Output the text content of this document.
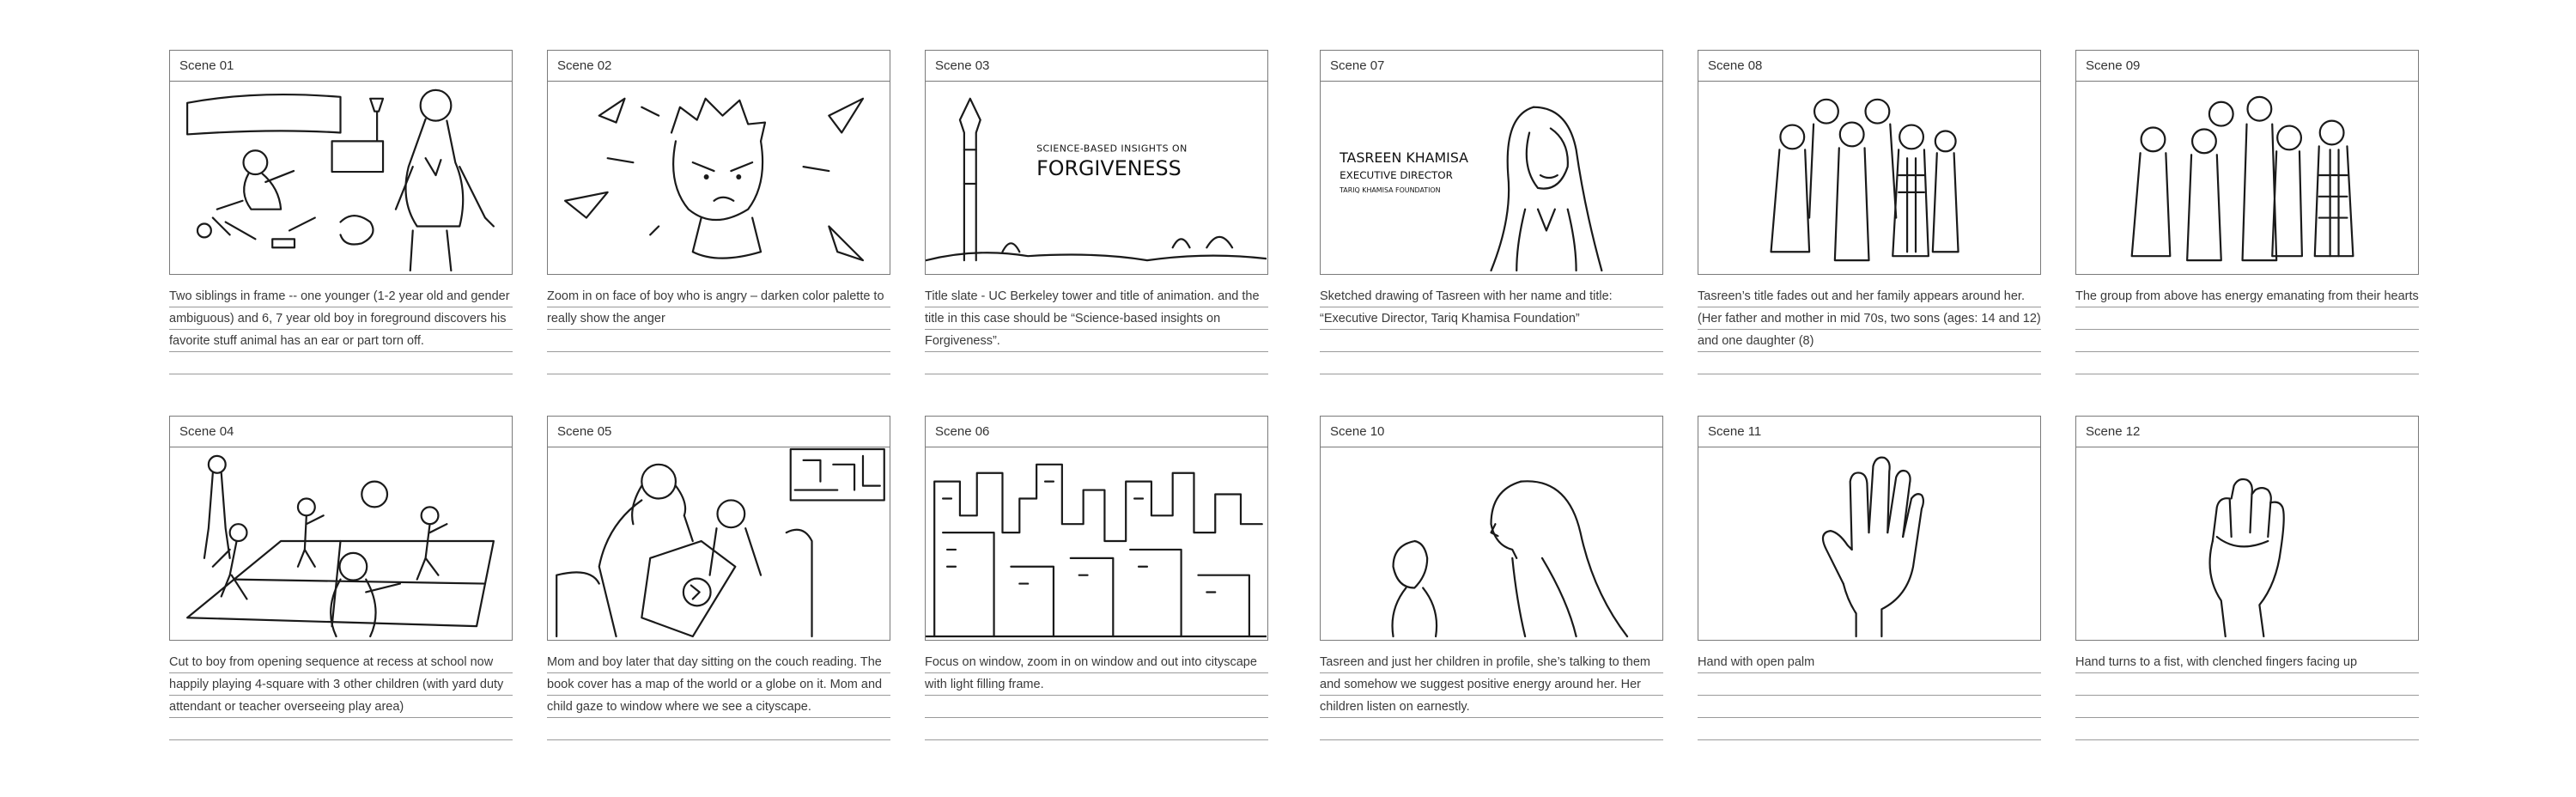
Scene 01
Two siblings in frame -- one younger (1-2 year old and gender ambiguous) and 6, 7 year old boy in foreground discovers his favorite stuff animal has an ear or part torn off.
Scene 02
Zoom in on face of boy who is angry – darken color palette to really show the anger
Scene 03
SCIENCE-BASED INSIGHTS ON
FORGIVENESS
Title slate - UC Berkeley tower and title of animation. and the title in this case should be “Science-based insights on Forgiveness”.
Scene 07
TASREEN KHAMISA
EXECUTIVE DIRECTOR
TARIQ KHAMISA FOUNDATION
Sketched drawing of Tasreen with her name and title: “Executive Director, Tariq Khamisa Foundation”
Scene 08
Tasreen’s title fades out and her family appears around her. (Her father and mother in mid 70s, two sons (ages: 14 and 12) and one daughter (8)
Scene 09
The group from above has energy emanating from their hearts
Scene 04
Cut to boy from opening sequence at recess at school now happily playing 4-square with 3 other children (with yard duty attendant or teacher overseeing play area)
Scene 05
Mom and boy later that day sitting on the couch reading. The book cover has a map of the world or a globe on it. Mom and child gaze to window where we see a cityscape.
Scene 06
Focus on window, zoom in on window and out into cityscape with light filling frame.
Scene 10
Tasreen and just her children in profile, she’s talking to them and somehow we suggest positive energy around her. Her children listen on earnestly.
Scene 11
Hand with open palm
Scene 12
Hand turns to a fist, with clenched fingers facing up
